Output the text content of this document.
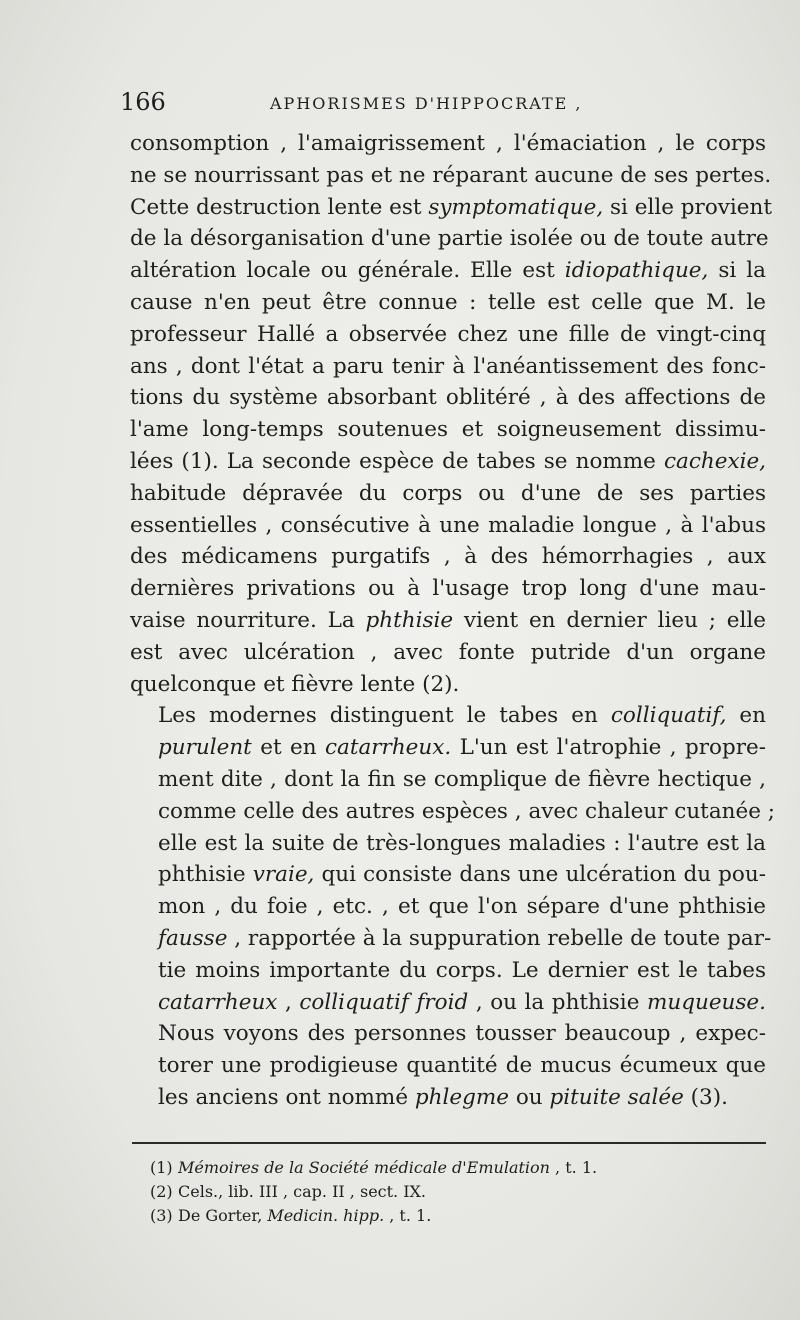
166	APHORISMES D'HIPPOCRATE ,

consomption , l'amaigrissement , l'émaciation , le corps
ne se nourrissant pas et ne réparant aucune de ses pertes.
Cette destruction lente est symptomatique, si elle provient
de la désorganisation d'une partie isolée ou de toute autre
altération locale ou générale. Elle est idiopathique, si la
cause n'en peut être connue : telle est celle que M. le
professeur Hallé a observée chez une fille de vingt-cinq
ans , dont l'état a paru tenir à l'anéantissement des fonc-
tions du système absorbant oblitéré , à des affections de
l'ame long-temps soutenues et soigneusement dissimu-
lées (1). La seconde espèce de tabes se nomme cachexie,
habitude dépravée du corps ou d'une de ses parties
essentielles , consécutive à une maladie longue , à l'abus
des médicamens purgatifs , à des hémorrhagies , aux
dernières privations ou à l'usage trop long d'une mau-
vaise nourriture. La phthisie vient en dernier lieu ; elle
est avec ulcération , avec fonte putride d'un organe
quelconque et fièvre lente (2).

Les modernes distinguent le tabes en colliquatif, en
purulent et en catarrheux. L'un est l'atrophie , propre-
ment dite , dont la fin se complique de fièvre hectique ,
comme celle des autres espèces , avec chaleur cutanée ;
elle est la suite de très-longues maladies : l'autre est la
phthisie vraie, qui consiste dans une ulcération du pou-
mon , du foie , etc. , et que l'on sépare d'une phthisie
fausse , rapportée à la suppuration rebelle de toute par-
tie moins importante du corps. Le dernier est le tabes
catarrheux , colliquatif froid , ou la phthisie muqueuse.
Nous voyons des personnes tousser beaucoup , expec-
torer une prodigieuse quantité de mucus écumeux que
les anciens ont nommé phlegme ou pituite salée (3).

(1) Mémoires de la Société médicale d'Emulation , t. 1.
(2) Cels., lib. III , cap. II , sect. IX.
(3) De Gorter, Medicin. hipp. , t. 1.
